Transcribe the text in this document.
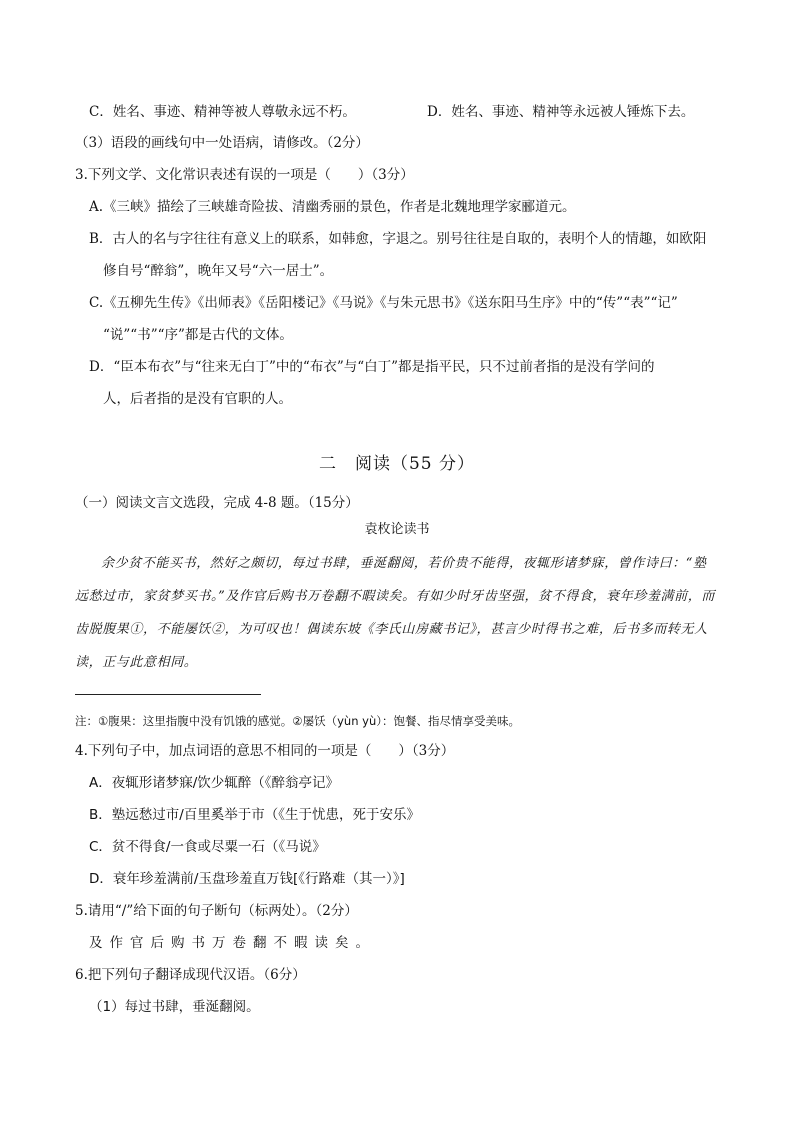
C．姓名、事迹、精神等被人尊敬永远不朽。	D．姓名、事迹、精神等永远被人锤炼下去。
（3）语段的画线句中一处语病，请修改。（2分）
3.下列文学、文化常识表述有误的一项是（　　）（3分）
A.《三峡》描绘了三峡雄奇险拔、清幽秀丽的景色，作者是北魏地理学家郦道元。
B．古人的名与字往往有意义上的联系，如韩愈，字退之。别号往往是自取的，表明个人的情趣，如欧阳
修自号“醉翁”，晚年又号“六一居士”。
C.《五柳先生传》《出师表》《岳阳楼记》《马说》《与朱元思书》《送东阳马生序》中的“传”“表”“记”
“说”“书”“序”都是古代的文体。
D．“臣本布衣”与“往来无白丁”中的“布衣”与“白丁”都是指平民，只不过前者指的是没有学问的
人，后者指的是没有官职的人。
二　阅读（55 分）
（一）阅读文言文选段，完成 4-8 题。（15分）
袁枚论读书
余少贫不能买书，然好之颇切，每过书肆，垂涎翻阅，若价贵不能得，夜辄形诸梦寐，曾作诗曰：“塾远愁过市，家贫梦买书。”及作官后购书万卷翻不暇读矣。有如少时牙齿坚强，贫不得食，衰年珍羞满前，而齿脱腹果①，不能屡饫②，为可叹也！偶读东坡《李氏山房藏书记》，甚言少时得书之难，后书多而转无人读，正与此意相同。
注：①腹果：这里指腹中没有饥饿的感觉。②屡饫（yùn yù）：饱餐、指尽情享受美味。
4.下列句子中，加点词语的意思不相同的一项是（　　）（3分）
A．夜辄形诸梦寐/饮少辄醉（《醉翁亭记》
B．塾远愁过市/百里奚举于市（《生于忧患，死于安乐》
C．贫不得食/一食或尽粟一石（《马说》
D．衰年珍羞满前/玉盘珍羞直万钱[《行路难（其一）》]
5.请用“/”给下面的句子断句（标两处）。（2分）
及作官后购书万卷翻不暇读矣。
6.把下列句子翻译成现代汉语。（6分）
（1）每过书肆，垂涎翻阅。
